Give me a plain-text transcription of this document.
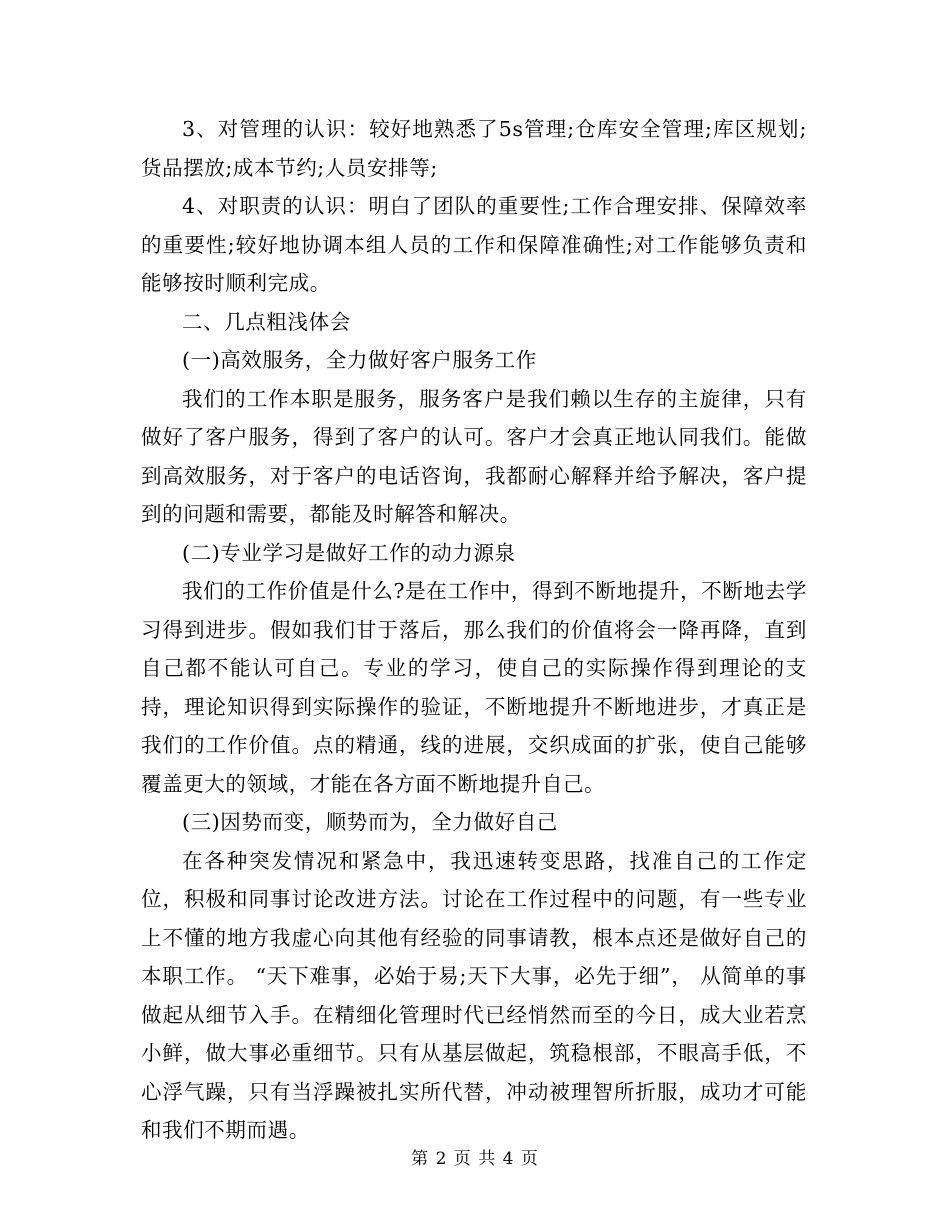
3、对管理的认识：较好地熟悉了5s管理;仓库安全管理;库区规划;货品摆放;成本节约;人员安排等;

4、对职责的认识：明白了团队的重要性;工作合理安排、保障效率的重要性;较好地协调本组人员的工作和保障准确性;对工作能够负责和能够按时顺利完成。

二、几点粗浅体会

(一)高效服务，全力做好客户服务工作

我们的工作本职是服务，服务客户是我们赖以生存的主旋律，只有做好了客户服务，得到了客户的认可。客户才会真正地认同我们。能做到高效服务，对于客户的电话咨询，我都耐心解释并给予解决，客户提到的问题和需要，都能及时解答和解决。

(二)专业学习是做好工作的动力源泉

我们的工作价值是什么?是在工作中，得到不断地提升，不断地去学习得到进步。假如我们甘于落后，那么我们的价值将会一降再降，直到自己都不能认可自己。专业的学习，使自己的实际操作得到理论的支持，理论知识得到实际操作的验证，不断地提升不断地进步，才真正是我们的工作价值。点的精通，线的进展，交织成面的扩张，使自己能够覆盖更大的领域，才能在各方面不断地提升自己。

(三)因势而变，顺势而为，全力做好自己

在各种突发情况和紧急中，我迅速转变思路，找准自己的工作定位，积极和同事讨论改进方法。讨论在工作过程中的问题，有一些专业上不懂的地方我虚心向其他有经验的同事请教，根本点还是做好自己的本职工作。 “天下难事，必始于易;天下大事，必先于细”， 从简单的事做起从细节入手。在精细化管理时代已经悄然而至的今日，成大业若烹小鲜，做大事必重细节。只有从基层做起，筑稳根部，不眼高手低，不心浮气躁，只有当浮躁被扎实所代替，冲动被理智所折服，成功才可能和我们不期而遇。

第 2 页 共 4 页
